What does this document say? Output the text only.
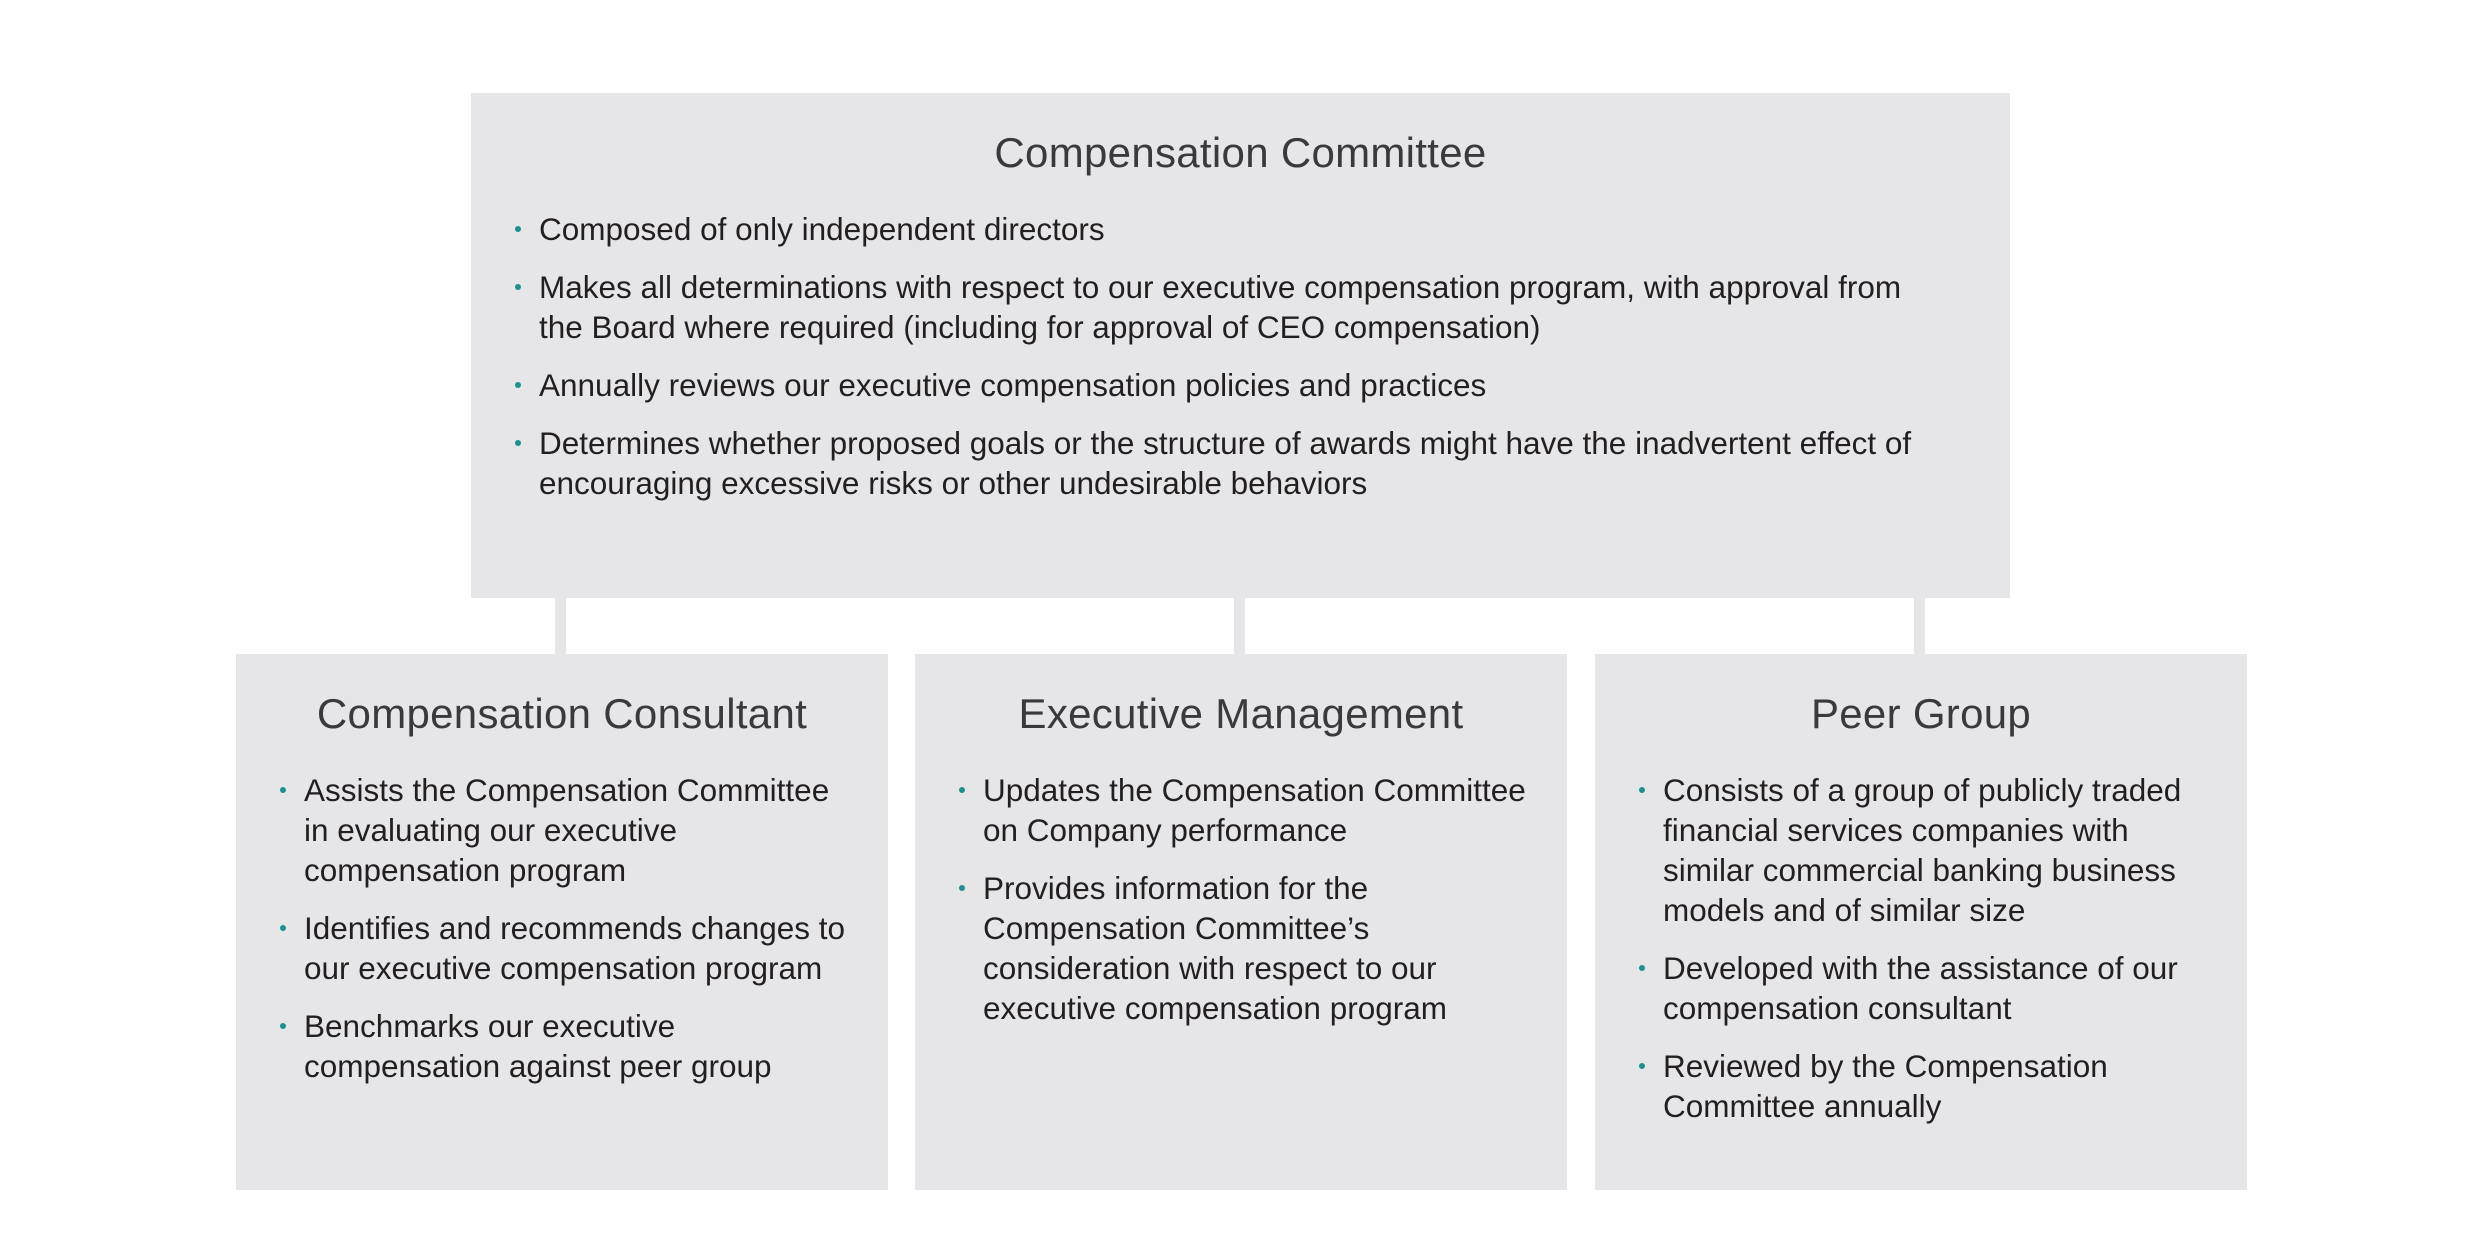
Compensation Committee
Composed of only independent directors
Makes all determinations with respect to our executive compensation program, with approval from the Board where required (including for approval of CEO compensation)
Annually reviews our executive compensation policies and practices
Determines whether proposed goals or the structure of awards might have the inadvertent effect of encouraging excessive risks or other undesirable behaviors
Compensation Consultant
Assists the Compensation Committee in evaluating our executive compensation program
Identifies and recommends changes to our executive compensation program
Benchmarks our executive compensation against peer group
Executive Management
Updates the Compensation Committee on Company performance
Provides information for the Compensation Committee’s consideration with respect to our executive compensation program
Peer Group
Consists of a group of publicly traded financial services companies with similar commercial banking business models and of similar size
Developed with the assistance of our compensation consultant
Reviewed by the Compensation Committee annually
